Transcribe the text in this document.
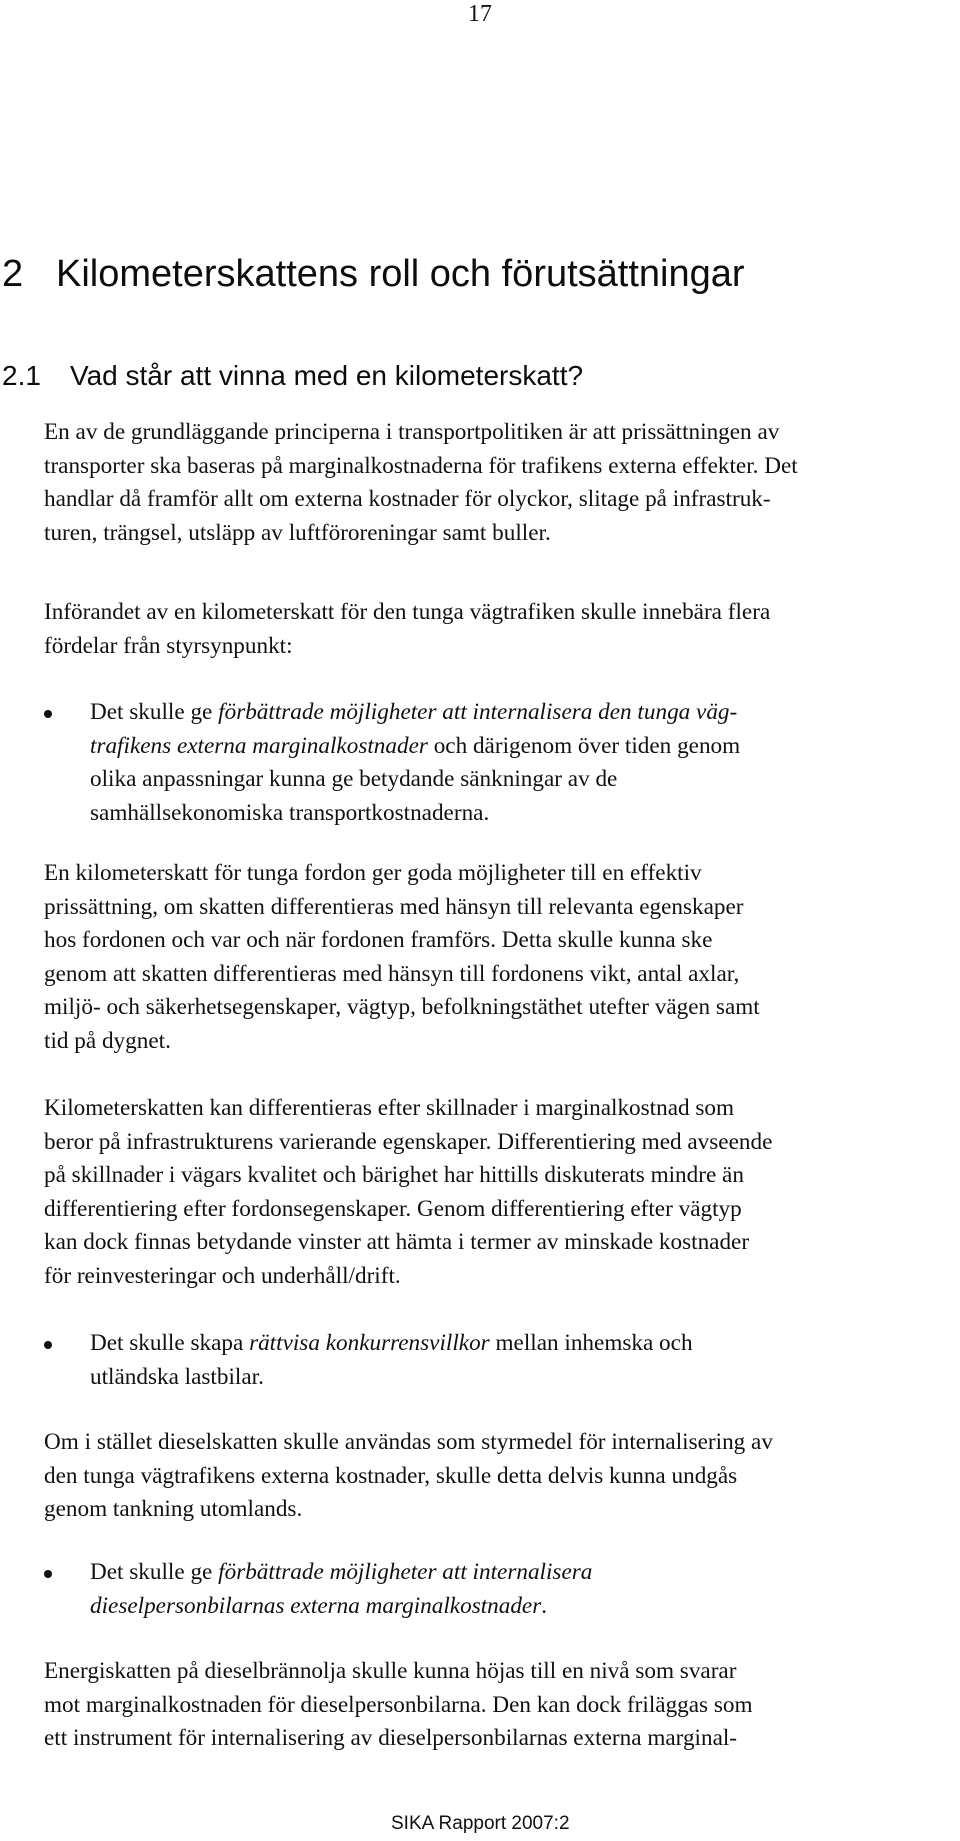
17
2 Kilometerskattens roll och förutsättningar
2.1 Vad står att vinna med en kilometerskatt?
En av de grundläggande principerna i transportpolitiken är att prissättningen av
transporter ska baseras på marginalkostnaderna för trafikens externa effekter. Det
handlar då framför allt om externa kostnader för olyckor, slitage på infrastruk-
turen, trängsel, utsläpp av luftföroreningar samt buller.
Införandet av en kilometerskatt för den tunga vägtrafiken skulle innebära flera
fördelar från styrsynpunkt:
Det skulle ge förbättrade möjligheter att internalisera den tunga väg-
trafikens externa marginalkostnader och därigenom över tiden genom
olika anpassningar kunna ge betydande sänkningar av de
samhällsekonomiska transportkostnaderna.
En kilometerskatt för tunga fordon ger goda möjligheter till en effektiv
prissättning, om skatten differentieras med hänsyn till relevanta egenskaper
hos fordonen och var och när fordonen framförs. Detta skulle kunna ske
genom att skatten differentieras med hänsyn till fordonens vikt, antal axlar,
miljö- och säkerhetsegenskaper, vägtyp, befolkningstäthet utefter vägen samt
tid på dygnet.
Kilometerskatten kan differentieras efter skillnader i marginalkostnad som
beror på infrastrukturens varierande egenskaper. Differentiering med avseende
på skillnader i vägars kvalitet och bärighet har hittills diskuterats mindre än
differentiering efter fordonsegenskaper. Genom differentiering efter vägtyp
kan dock finnas betydande vinster att hämta i termer av minskade kostnader
för reinvesteringar och underhåll/drift.
Det skulle skapa rättvisa konkurrensvillkor mellan inhemska och
utländska lastbilar.
Om i stället dieselskatten skulle användas som styrmedel för internalisering av
den tunga vägtrafikens externa kostnader, skulle detta delvis kunna undgås
genom tankning utomlands.
Det skulle ge förbättrade möjligheter att internalisera
dieselpersonbilarnas externa marginalkostnader.
Energiskatten på dieselbrännolja skulle kunna höjas till en nivå som svarar
mot marginalkostnaden för dieselpersonbilarna. Den kan dock friläggas som
ett instrument för internalisering av dieselpersonbilarnas externa marginal-
SIKA Rapport 2007:2
